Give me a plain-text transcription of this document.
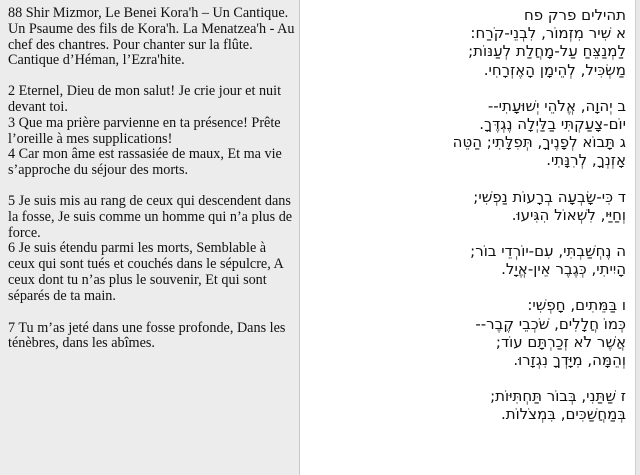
88 Shir Mizmor, Le Benei Kora'h – Un Cantique. Un Psaume des fils de Kora'h. La Menatzea'h - Au chef des chantres. Pour chanter sur la flûte. Cantique d’Héman, l’Ezra'hite.

2 Eternel, Dieu de mon salut! Je crie jour et nuit devant toi.

3 Que ma prière parvienne en ta présence! Prête l’oreille à mes supplications!

4 Car mon âme est rassasiée de maux, Et ma vie s’approche du séjour des morts.

5 Je suis mis au rang de ceux qui descendent dans la fosse, Je suis comme un homme qui n’a plus de force.

6 Je suis étendu parmi les morts, Semblable à ceux qui sont tués et couchés dans le sépulcre, A ceux dont tu n’as plus le souvenir, Et qui sont séparés de ta main.

7 Tu m’as jeté dans une fosse profonde, Dans les ténèbres, dans les abîmes.

תהילים פרק פח
א שִׁיר מִזְמוֹר, לִבְנֵי-קֹרַח:
לַמְנַצֵּחַ עַל-מָחֲלַת לְעַנּוֹת;
מַשְׂכִּיל, לְהֵימָן הָאֶזְרָחִי.

ב יְהוָה, אֱלֹהֵי יְשׁוּעָתִי--
יוֹם-צָעַקְתִּי בַלַּיְלָה נֶגְדֶּךָ.

ג תָּבוֹא לְפָנֶיךָ, תְּפִלָּתִי; הַטֵּה
אָזְנְךָ, לְרִנָּתִי.

ד כִּי-שָׂבְעָה בְרָעוֹת נַפְשִׁי;
וְחַיַּי, לִשְׁאוֹל הִגִּיעוּ.

ה נֶחְשַׁבְתִּי, עִם-יוֹרְדֵי בוֹר;
הָיִיתִי, כְּגֶבֶר אֵין-אֱיָל.

ו בַּמֵּתִים, חָפְשִׁי:
כְּמוֹ חֲלָלִים, שֹׁכְבֵי קֶבֶר--
אֲשֶׁר לֹא זְכַרְתָּם עוֹד;
וְהֵמָּה, מִיָּדְךָ נִגְזָרוּ.

ז שַׁתַּנִי, בְּבוֹר תַּחְתִּיּוֹת;
בְּמַחֲשַׁכִּים, בִּמְצֹלוֹת.
